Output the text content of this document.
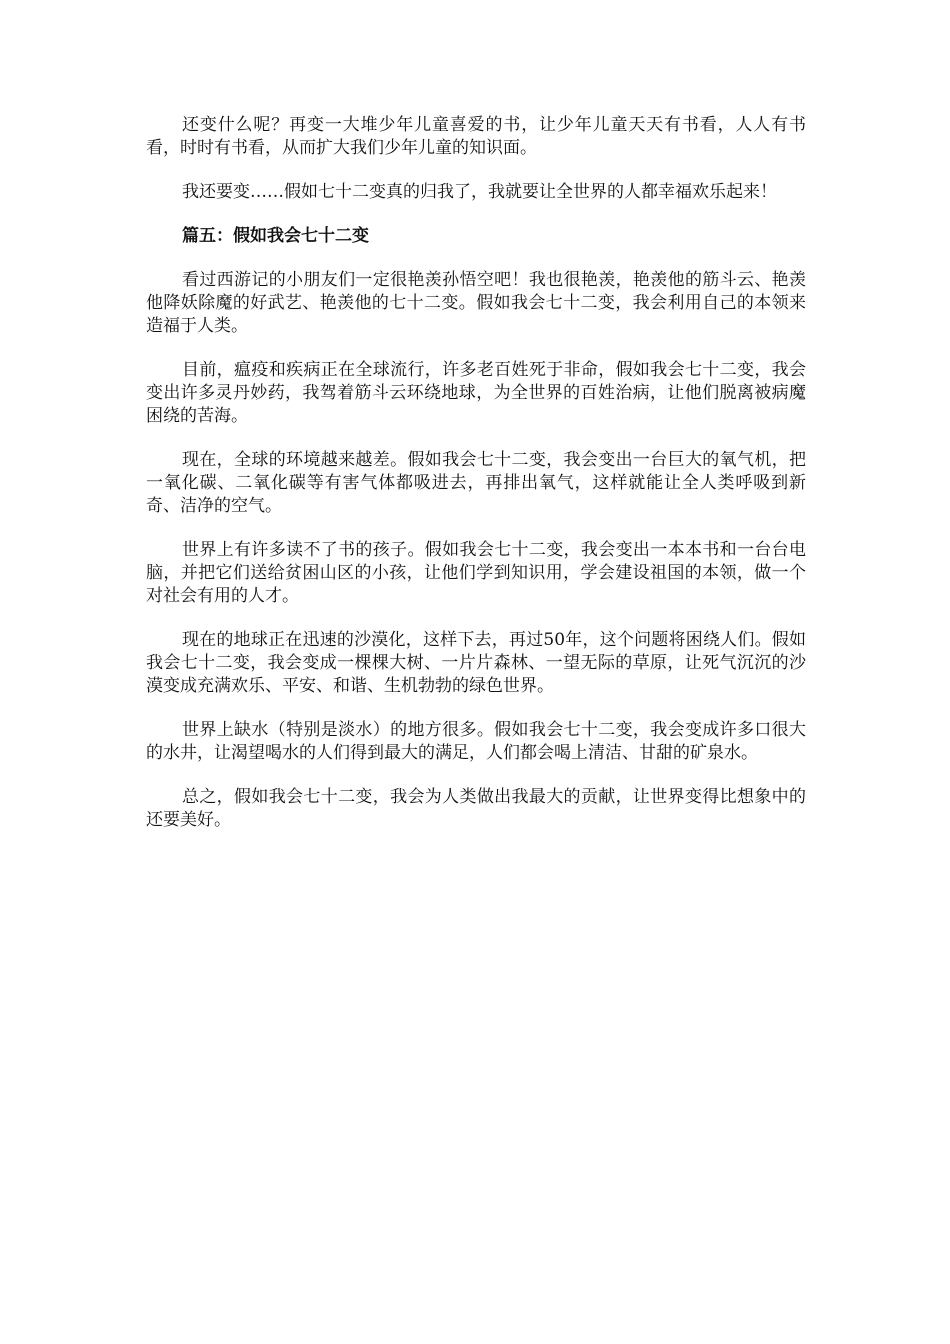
还变什么呢？再变一大堆少年儿童喜爱的书，让少年儿童天天有书看，人人有书看，时时有书看，从而扩大我们少年儿童的知识面。

我还要变……假如七十二变真的归我了，我就要让全世界的人都幸福欢乐起来！

篇五：假如我会七十二变

看过西游记的小朋友们一定很艳羡孙悟空吧！我也很艳羡，艳羡他的筋斗云、艳羡他降妖除魔的好武艺、艳羡他的七十二变。假如我会七十二变，我会利用自己的本领来造福于人类。

目前，瘟疫和疾病正在全球流行，许多老百姓死于非命，假如我会七十二变，我会变出许多灵丹妙药，我驾着筋斗云环绕地球，为全世界的百姓治病，让他们脱离被病魔困绕的苦海。

现在，全球的环境越来越差。假如我会七十二变，我会变出一台巨大的氧气机，把一氧化碳、二氧化碳等有害气体都吸进去，再排出氧气，这样就能让全人类呼吸到新奇、洁净的空气。

世界上有许多读不了书的孩子。假如我会七十二变，我会变出一本本书和一台台电脑，并把它们送给贫困山区的小孩，让他们学到知识用，学会建设祖国的本领，做一个对社会有用的人才。

现在的地球正在迅速的沙漠化，这样下去，再过50年，这个问题将困绕人们。假如我会七十二变，我会变成一棵棵大树、一片片森林、一望无际的草原，让死气沉沉的沙漠变成充满欢乐、平安、和谐、生机勃勃的绿色世界。

世界上缺水（特别是淡水）的地方很多。假如我会七十二变，我会变成许多口很大的水井，让渴望喝水的人们得到最大的满足，人们都会喝上清洁、甘甜的矿泉水。

总之，假如我会七十二变，我会为人类做出我最大的贡献，让世界变得比想象中的还要美好。
